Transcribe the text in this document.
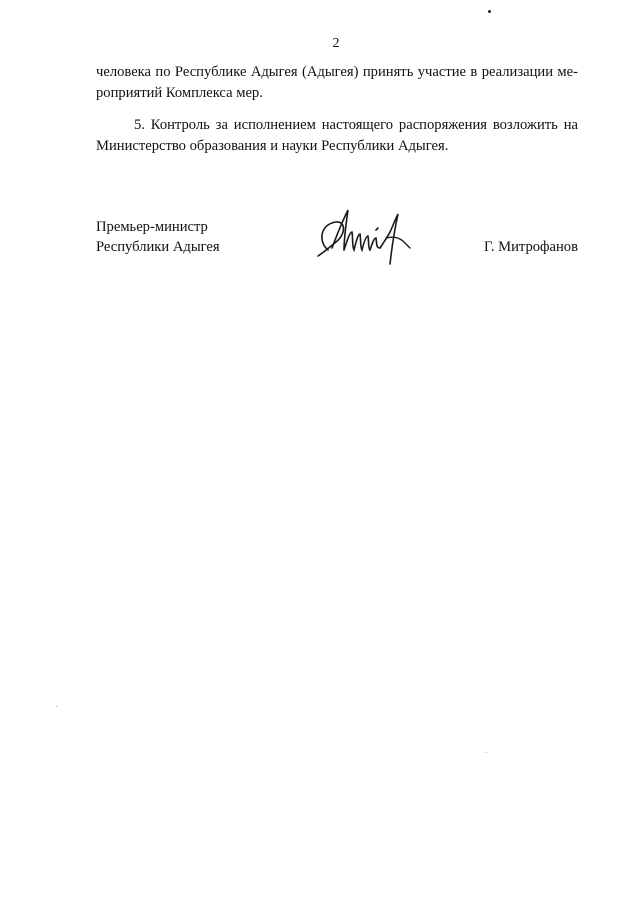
2
человека по Республике Адыгея (Адыгея) принять участие в реализации ме-
роприятий Комплекса мер.
5. Контроль за исполнением настоящего распоряжения возложить на
Министерство образования и науки Республики Адыгея.
Премьер-министр
Республики Адыгея	Г. Митрофанов
